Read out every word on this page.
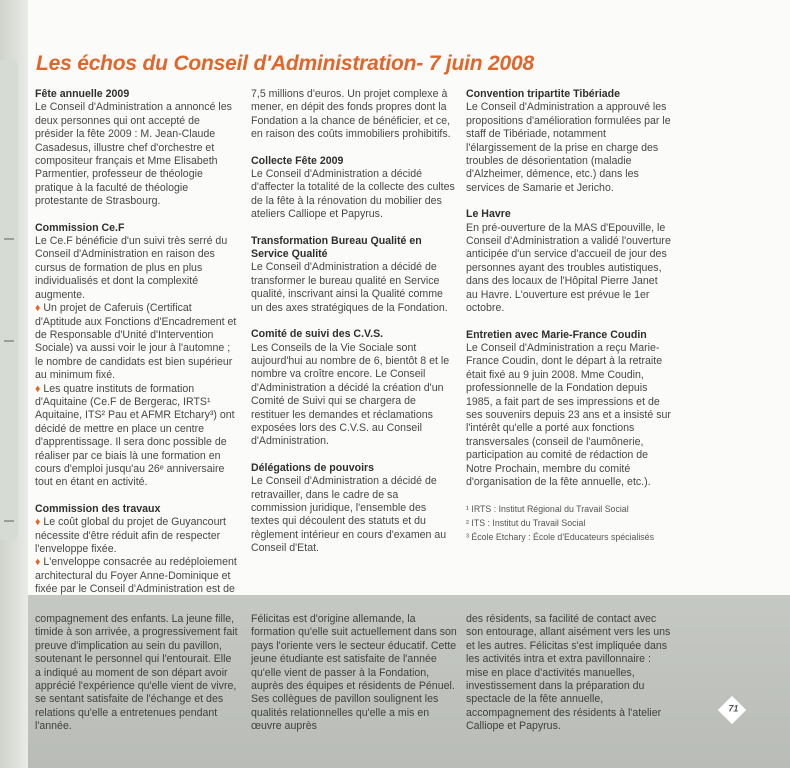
Les échos du Conseil d'Administration- 7 juin 2008
Fête annuelle 2009

Le Conseil d'Administration a annoncé les deux personnes qui ont accepté de présider la fête 2009 : M. Jean-Claude Casadesus, illustre chef d'orchestre et compositeur français et Mme Elisabeth Parmentier, professeur de théologie pratique à la faculté de théologie protestante de Strasbourg.

Commission Ce.F

Le Ce.F bénéficie d'un suivi très serré du Conseil d'Administration en raison des cursus de formation de plus en plus individualisés et dont la complexité augmente.

♦ Un projet de Caferuis (Certificat d'Aptitude aux Fonctions d'Encadrement et de Responsable d'Unité d'Intervention Sociale) va aussi voir le jour à l'automne ; le nombre de candidats est bien supérieur au minimum fixé.

♦ Les quatre instituts de formation d'Aquitaine (Ce.F de Bergerac, IRTS¹ Aquitaine, ITS² Pau et AFMR Etchary³) ont décidé de mettre en place un centre d'apprentissage. Il sera donc possible de réaliser par ce biais là une formation en cours d'emploi jusqu'au 26ᵉ anniversaire tout en étant en activité.

Commission des travaux

♦ Le coût global du projet de Guyancourt nécessite d'être réduit afin de respecter l'enveloppe fixée.

♦ L'enveloppe consacrée au redéploiement architectural du Foyer Anne-Dominique et fixée par le Conseil d'Administration est de

7,5 millions d'euros. Un projet complexe à mener, en dépit des fonds propres dont la Fondation a la chance de bénéficier, et ce, en raison des coûts immobiliers prohibitifs.

Collecte Fête 2009

Le Conseil d'Administration a décidé d'affecter la totalité de la collecte des cultes de la fête à la rénovation du mobilier des ateliers Calliope et Papyrus.

Transformation Bureau Qualité en Service Qualité

Le Conseil d'Administration a décidé de transformer le bureau qualité en Service qualité, inscrivant ainsi la Qualité comme un des axes stratégiques de la Fondation.

Comité de suivi des C.V.S.

Les Conseils de la Vie Sociale sont aujourd'hui au nombre de 6, bientôt 8 et le nombre va croître encore. Le Conseil d'Administration a décidé la création d'un Comité de Suivi qui se chargera de restituer les demandes et réclamations exposées lors des C.V.S. au Conseil d'Administration.

Délégations de pouvoirs

Le Conseil d'Administration a décidé de retravailler, dans le cadre de sa commission juridique, l'ensemble des textes qui découlent des statuts et du règlement intérieur en cours d'examen au Conseil d'Etat.

Convention tripartite Tibériade

Le Conseil d'Administration a approuvé les propositions d'amélioration formulées par le staff de Tibériade, notamment l'élargissement de la prise en charge des troubles de désorientation (maladie d'Alzheimer, démence, etc.) dans les services de Samarie et Jericho.

Le Havre

En pré-ouverture de la MAS d'Epouville, le Conseil d'Administration a validé l'ouverture anticipée d'un service d'accueil de jour des personnes ayant des troubles autistiques, dans des locaux de l'Hôpital Pierre Janet au Havre. L'ouverture est prévue le 1er octobre.

Entretien avec Marie-France Coudin

Le Conseil d'Administration a reçu Marie-France Coudin, dont le départ à la retraite était fixé au 9 juin 2008. Mme Coudin, professionnelle de la Fondation depuis 1985, a fait part de ses impressions et de ses souvenirs depuis 23 ans et a insisté sur l'intérêt qu'elle a porté aux fonctions transversales (conseil de l'aumônerie, participation au comité de rédaction de Notre Prochain, membre du comité d'organisation de la fête annuelle, etc.).

¹ IRTS : Institut Régional du Travail Social
² ITS : Institut du Travail Social
³ École Etchary : École d'Educateurs spécialisés

compagnement des enfants. La jeune fille, timide à son arrivée, a progressivement fait preuve d'implication au sein du pavillon, soutenant le personnel qui l'entourait. Elle a indiqué au moment de son départ avoir apprécié l'expérience qu'elle vient de vivre, se sentant satisfaite de l'échange et des relations qu'elle a entretenues pendant l'année.

Félicitas est d'origine allemande, la formation qu'elle suit actuellement dans son pays l'oriente vers le secteur éducatif. Cette jeune étudiante est satisfaite de l'année qu'elle vient de passer à la Fondation, auprès des équipes et résidents de Pénuel. Ses collègues de pavillon soulignent les qualités relationnelles qu'elle a mis en œuvre auprès

des résidents, sa facilité de contact avec son entourage, allant aisément vers les uns et les autres. Félicitas s'est impliquée dans les activités intra et extra pavillonnaire : mise en place d'activités manuelles, investissement dans la préparation du spectacle de la fête annuelle, accompagnement des résidents à l'atelier Calliope et Papyrus.

71
